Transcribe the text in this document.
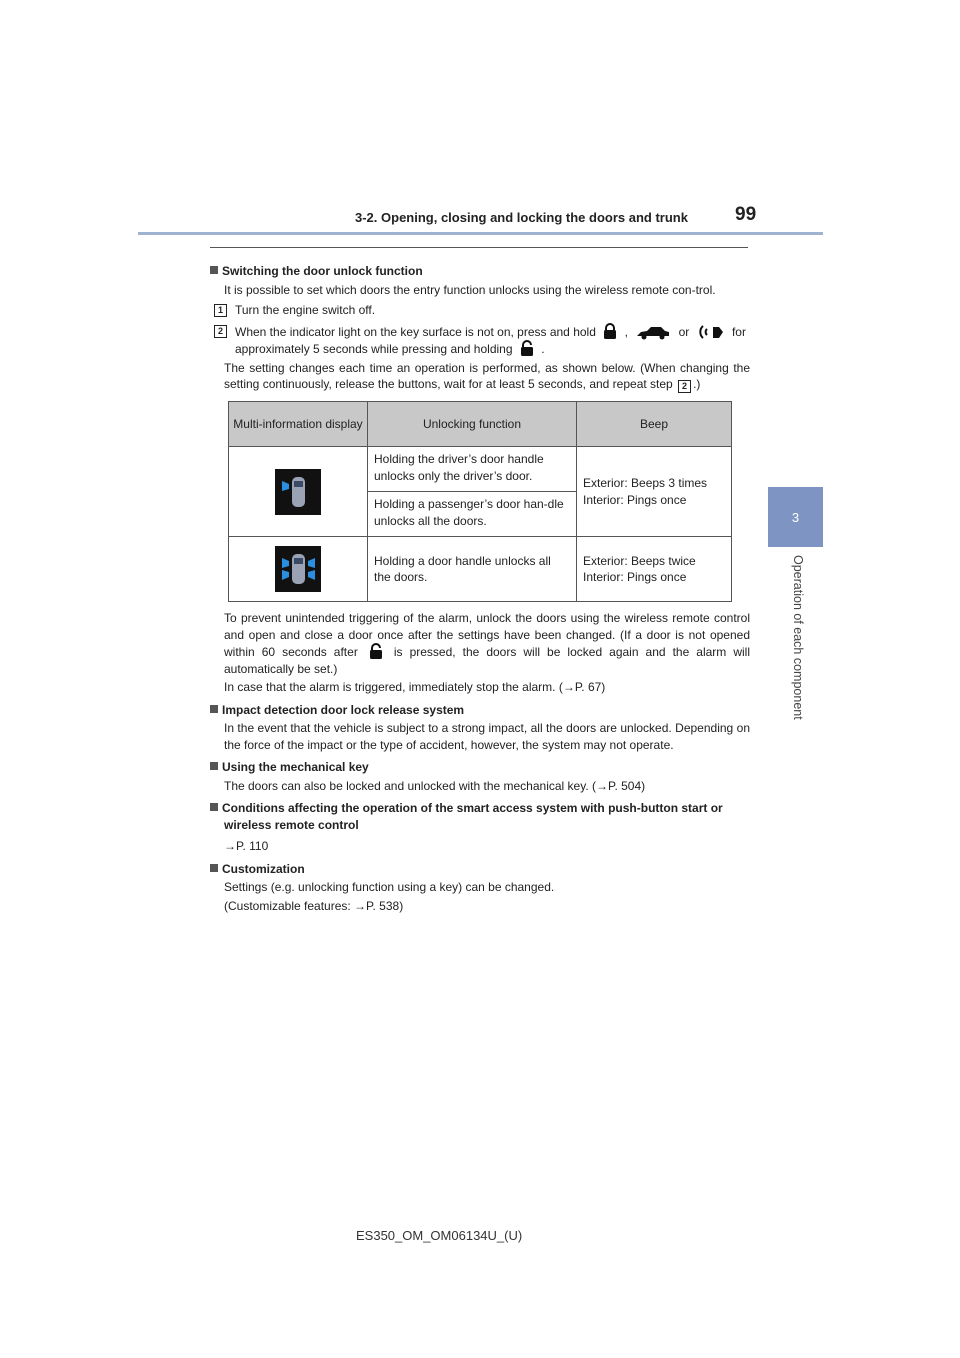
3-2. Opening, closing and locking the doors and trunk 99
3
Operation of each component
Switching the door unlock function
It is possible to set which doors the entry function unlocks using the wireless remote con-trol.
1	Turn the engine switch off.
2	When the indicator light on the key surface is not on, press and hold ,	or	for approximately 5 seconds while pressing and holding .
The setting changes each time an operation is performed, as shown below. (When changing the setting continuously, release the buttons, wait for at least 5 seconds, and repeat step 2 .)
Multi-information display	Unlocking function	Beep

	Holding the driver’s door handle unlocks only the driver’s door.	Exterior: Beeps 3 times
Interior: Pings once

	Holding a passenger’s door han-dle unlocks all the doors.	

	Holding a door handle unlocks all the doors.	Exterior: Beeps twice
Interior: Pings once
To prevent unintended triggering of the alarm, unlock the doors using the wireless remote control and open and close a door once after the settings have been changed. (If a door is not opened within 60 seconds after	is pressed, the doors will be locked again and the alarm will automatically be set.)
In case that the alarm is triggered, immediately stop the alarm. (→P. 67)
Impact detection door lock release system
In the event that the vehicle is subject to a strong impact, all the doors are unlocked. Depending on the force of the impact or the type of accident, however, the system may not operate.
Using the mechanical key
The doors can also be locked and unlocked with the mechanical key. (→P. 504)
Conditions affecting the operation of the smart access system with push-button start or wireless remote control
→P. 110
Customization
Settings (e.g. unlocking function using a key) can be changed.
(Customizable features: →P. 538)
ES350_OM_OM06134U_(U)
